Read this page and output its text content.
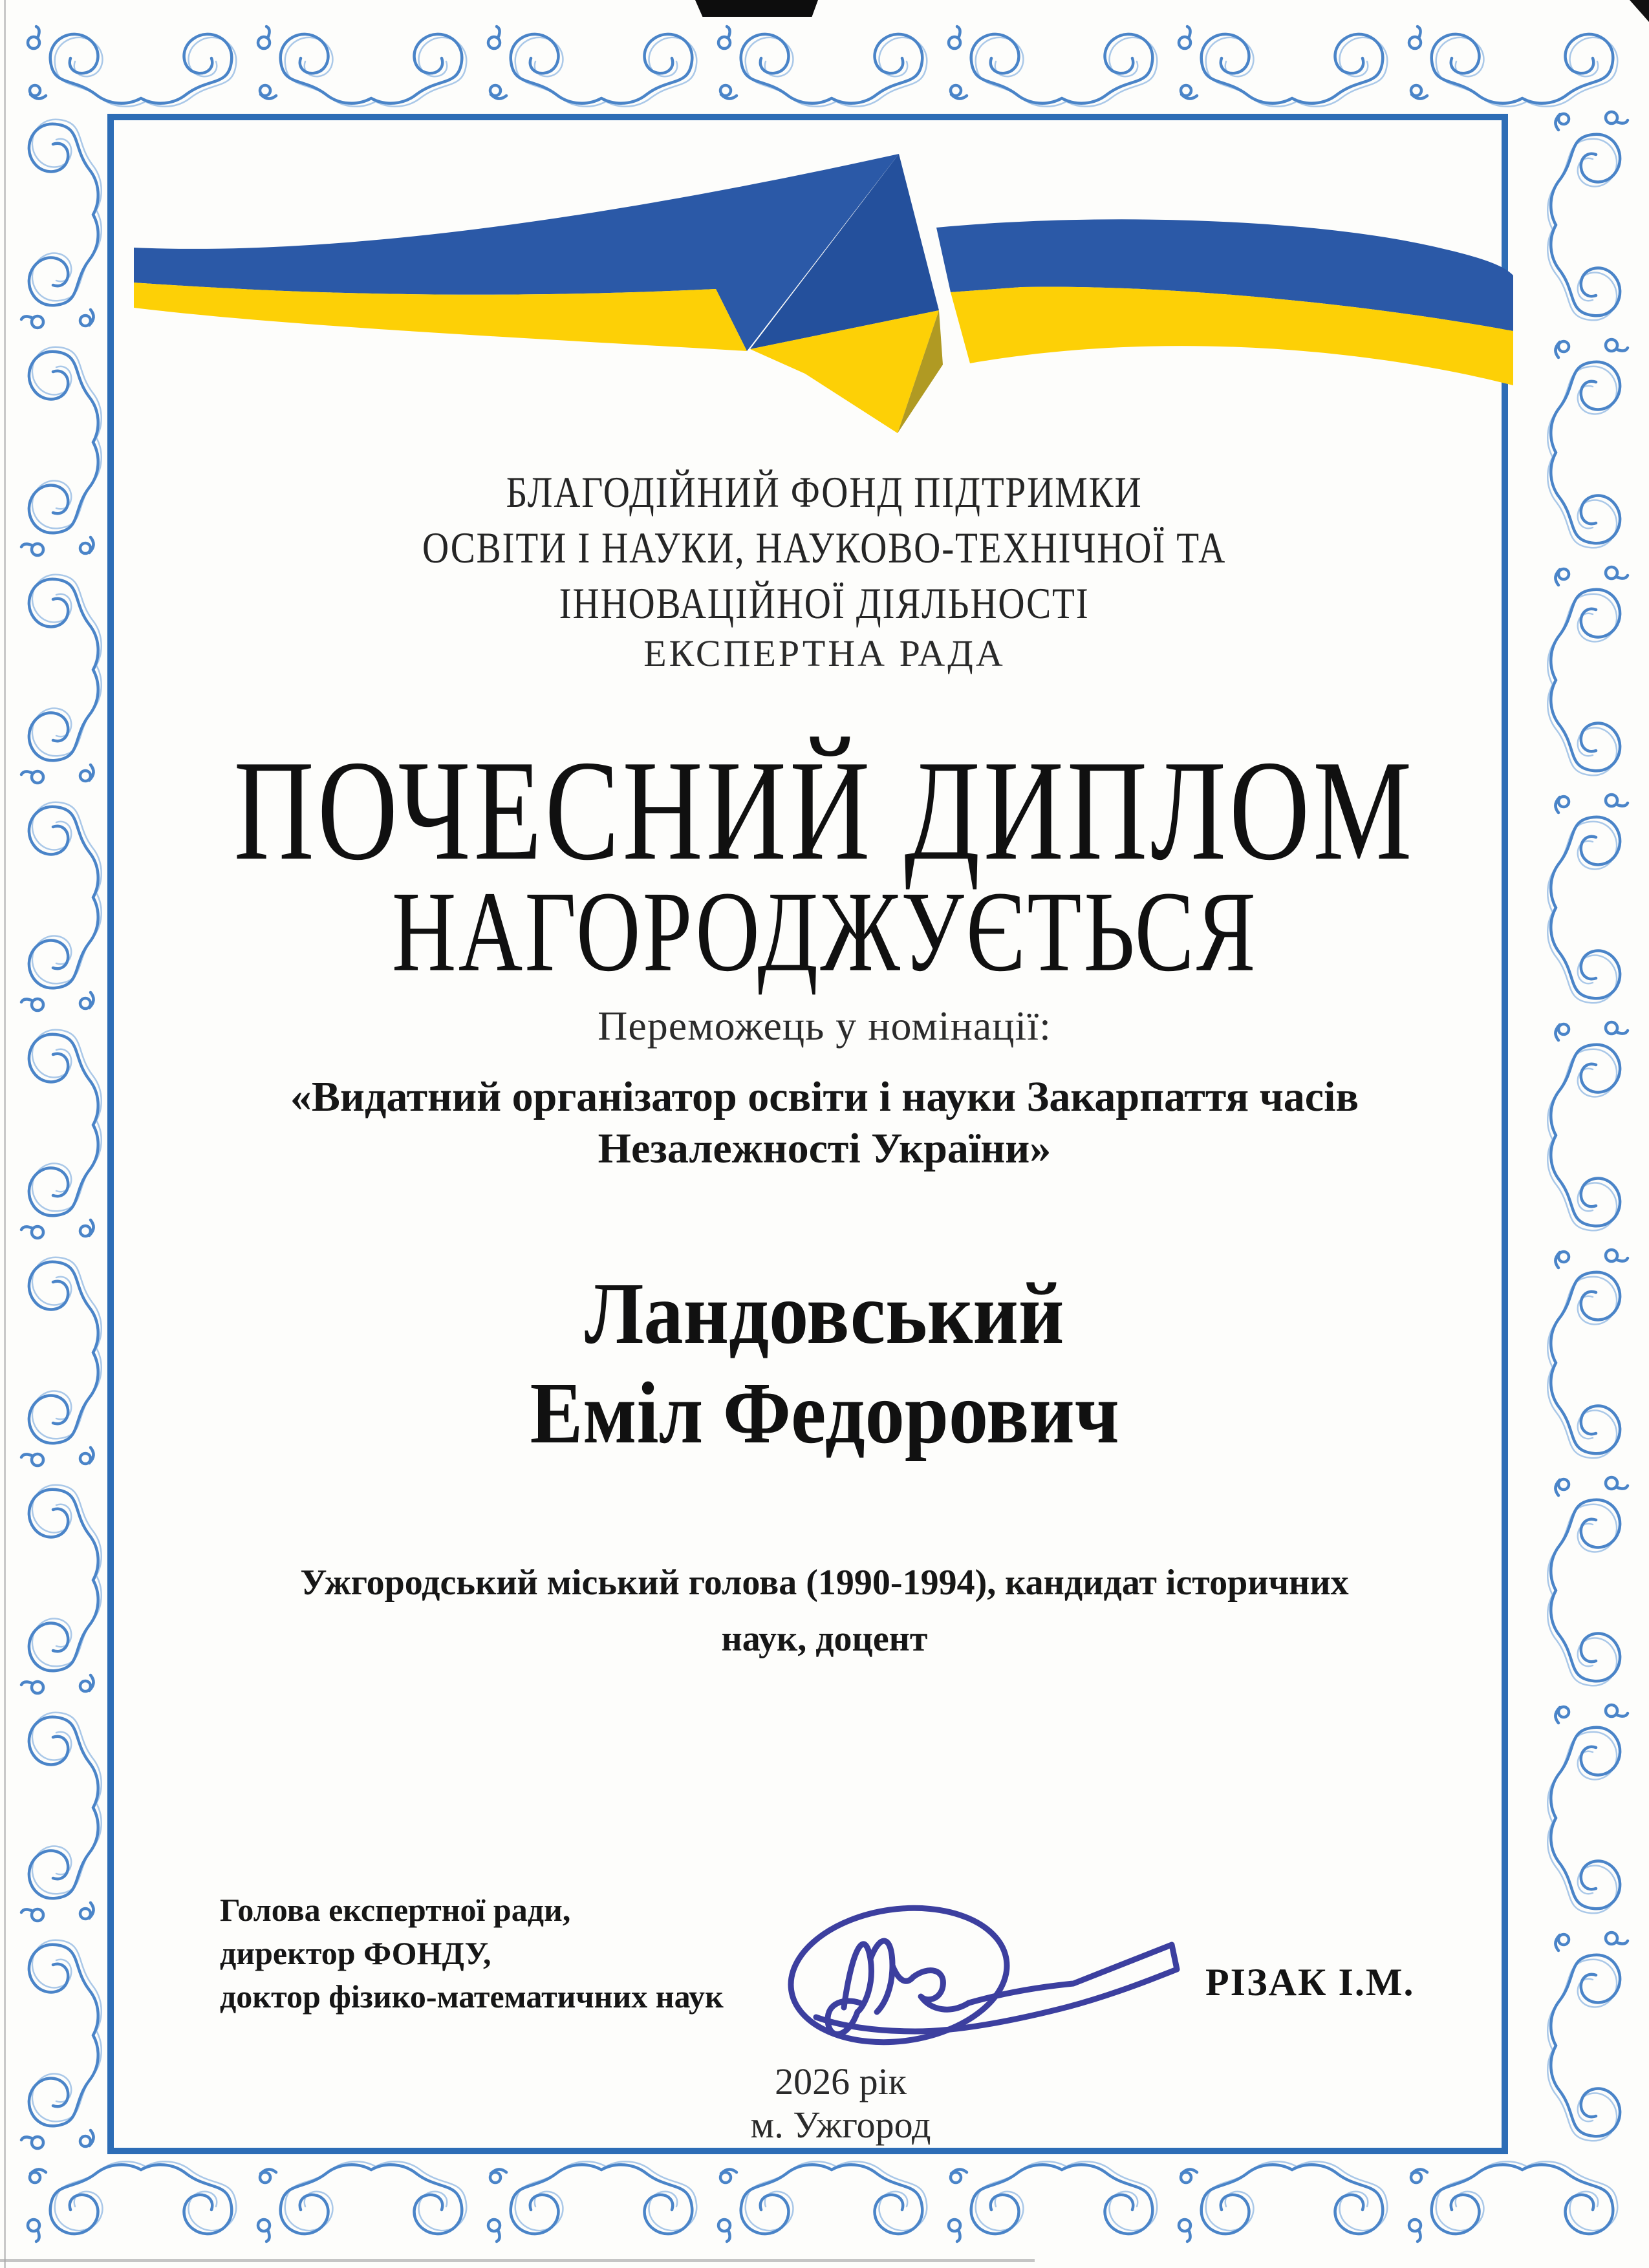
БЛАГОДІЙНИЙ ФОНД ПІДТРИМКИ
ОСВІТИ І НАУКИ, НАУКОВО-ТЕХНІЧНОЇ ТА
ІННОВАЦІЙНОЇ ДІЯЛЬНОСТІ
ЕКСПЕРТНА РАДА
ПОЧЕСНИЙ ДИПЛОМ
НАГОРОДЖУЄТЬСЯ
Переможець у номінації:
«Видатний організатор освіти і науки Закарпаття часів
Незалежності України»
Ландовський
Еміл Федорович
Ужгородський міський голова (1990-1994), кандидат історичних
наук, доцент
Голова експертної ради,
директор ФОНДУ,
доктор фізико-математичних наук	РІЗАК І.М.
2026 рік
м. Ужгород
